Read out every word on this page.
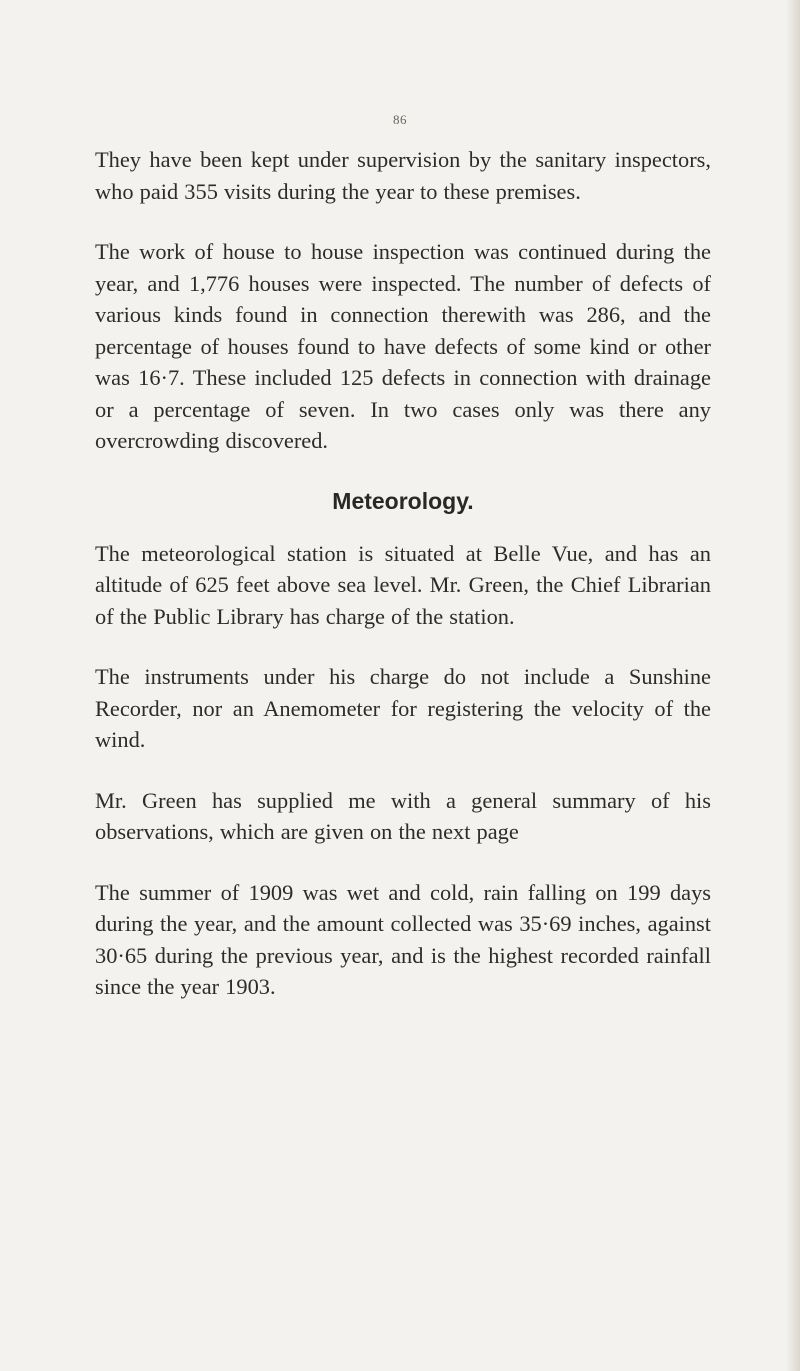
86

They have been kept under supervision by the sanitary inspectors, who paid 355 visits during the year to these premises.

The work of house to house inspection was continued during the year, and 1,776 houses were inspected. The number of defects of various kinds found in connection therewith was 286, and the percentage of houses found to have defects of some kind or other was 16·7. These included 125 defects in connection with drainage or a percentage of seven. In two cases only was there any overcrowding discovered.

Meteorology.

The meteorological station is situated at Belle Vue, and has an altitude of 625 feet above sea level. Mr. Green, the Chief Librarian of the Public Library has charge of the station.

The instruments under his charge do not include a Sunshine Recorder, nor an Anemometer for registering the velocity of the wind.

Mr. Green has supplied me with a general summary of his observations, which are given on the next page

The summer of 1909 was wet and cold, rain falling on 199 days during the year, and the amount collected was 35·69 inches, against 30·65 during the previous year, and is the highest recorded rainfall since the year 1903.
